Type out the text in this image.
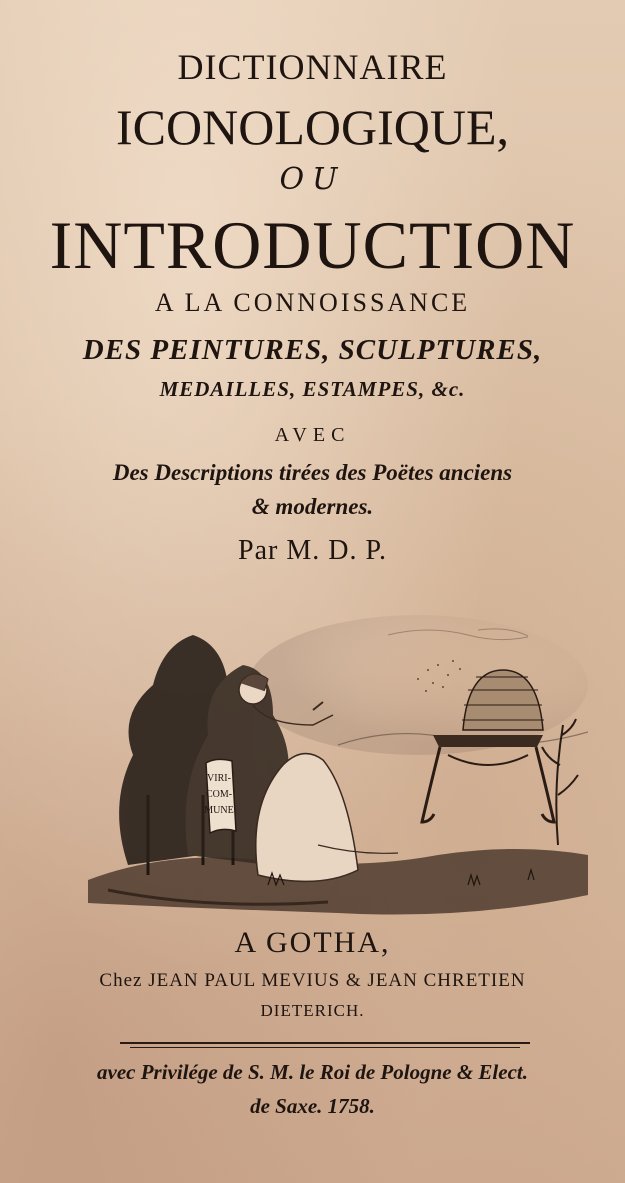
DICTIONNAIRE

ICONOLOGIQUE,

OU

INTRODUCTION

A LA CONNOISSANCE

DES PEINTURES, SCULPTURES,

MEDAILLES, ESTAMPES, &c.

AVEC

Des Descriptions tirées des Poëtes anciens

& modernes.

Par M. D. P.

VIRI-
COM-
MUNE

A GOTHA,

Chez JEAN PAUL MEVIUS & JEAN CHRETIEN

DIETERICH.

avec Privilége de S. M. le Roi de Pologne & Elect.

de Saxe. 1758.
